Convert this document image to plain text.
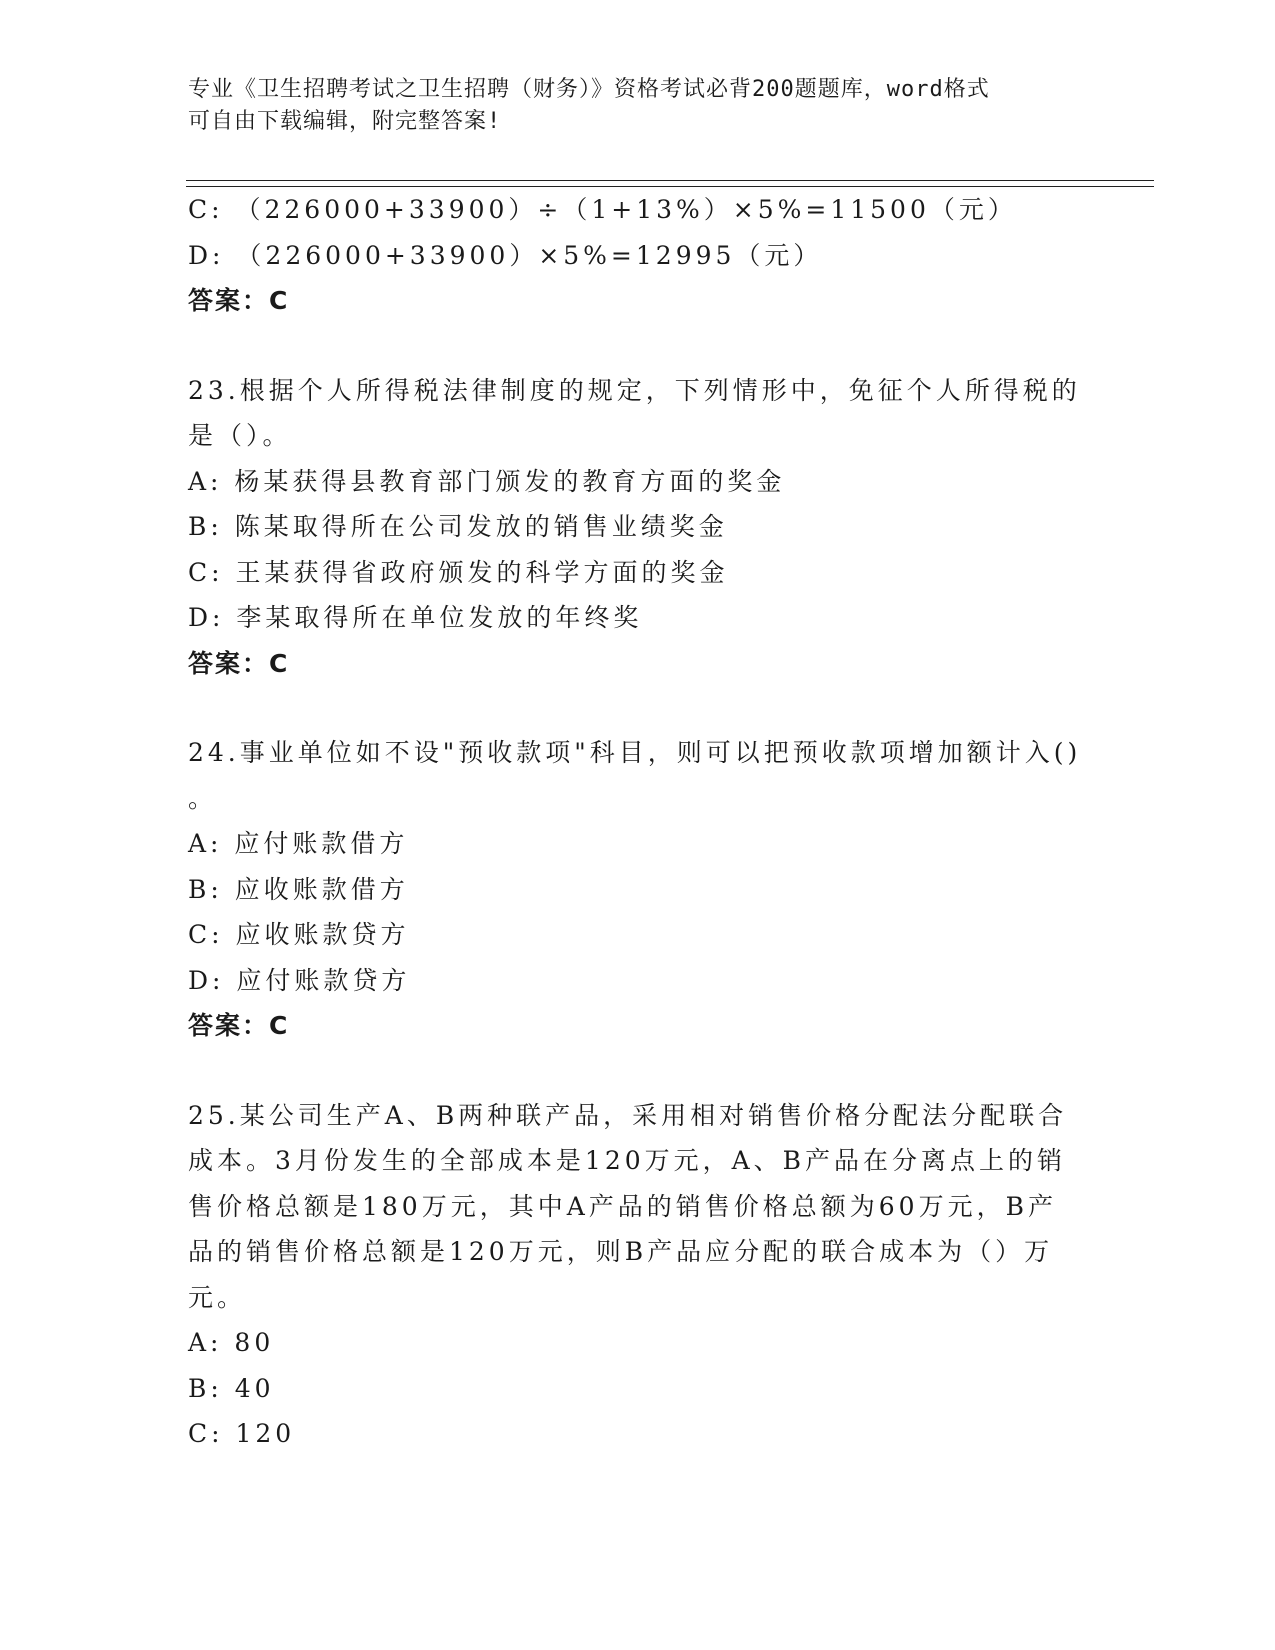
专业《卫生招聘考试之卫生招聘（财务）》资格考试必背200题题库，word格式
可自由下载编辑，附完整答案!
C: （226000+33900）÷（1+13%）×5%=11500（元）
D: （226000+33900）×5%=12995（元）
答案：C
23.根据个人所得税法律制度的规定，下列情形中，免征个人所得税的
是（）。
A: 杨某获得县教育部门颁发的教育方面的奖金
B: 陈某取得所在公司发放的销售业绩奖金
C: 王某获得省政府颁发的科学方面的奖金
D: 李某取得所在单位发放的年终奖
答案：C
24.事业单位如不设"预收款项"科目，则可以把预收款项增加额计入()
。
A: 应付账款借方
B: 应收账款借方
C: 应收账款贷方
D: 应付账款贷方
答案：C
25.某公司生产A、B两种联产品，采用相对销售价格分配法分配联合
成本。3月份发生的全部成本是120万元，A、B产品在分离点上的销
售价格总额是180万元，其中A产品的销售价格总额为60万元，B产
品的销售价格总额是120万元，则B产品应分配的联合成本为（）万
元。
A: 80
B: 40
C: 120
